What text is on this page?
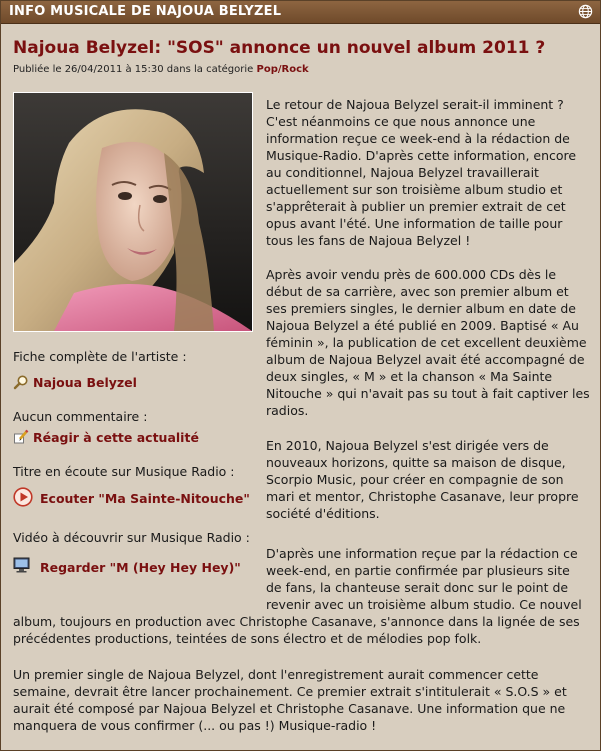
INFO MUSICALE DE NAJOUA BELYZEL
Najoua Belyzel: "SOS" annonce un nouvel album 2011 ?
Publiée le 26/04/2011 à 15:30 dans la catégorie Pop/Rock
Fiche complète de l'artiste :
Najoua Belyzel
Aucun commentaire :
Réagir à cette actualité
Titre en écoute sur Musique Radio :
Ecouter "Ma Sainte-Nitouche"
Vidéo à découvrir sur Musique Radio :
Regarder "M (Hey Hey Hey)"

Le retour de Najoua Belyzel serait-il imminent ?
C'est néanmoins ce que nous annonce une
information reçue ce week-end à la rédaction de
Musique-Radio. D'après cette information, encore
au conditionnel, Najoua Belyzel travaillerait
actuellement sur son troisième album studio et
s'apprêterait à publier un premier extrait de cet
opus avant l'été. Une information de taille pour
tous les fans de Najoua Belyzel !

Après avoir vendu près de 600.000 CDs dès le
début de sa carrière, avec son premier album et
ses premiers singles, le dernier album en date de
Najoua Belyzel a été publié en 2009. Baptisé « Au
féminin », la publication de cet excellent deuxième
album de Najoua Belyzel avait été accompagné de
deux singles, « M » et la chanson « Ma Sainte
Nitouche » qui n'avait pas su tout à fait captiver les
radios.

En 2010, Najoua Belyzel s'est dirigée vers de
nouveaux horizons, quitte sa maison de disque,
Scorpio Music, pour créer en compagnie de son
mari et mentor, Christophe Casanave, leur propre
société d'éditions.

D'après une information reçue par la rédaction ce
week-end, en partie confirmée par plusieurs site
de fans, la chanteuse serait donc sur le point de
revenir avec un troisième album studio. Ce nouvel

album, toujours en production avec Christophe Casanave, s'annonce dans la lignée de ses
précédentes productions, teintées de sons électro et de mélodies pop folk.

Un premier single de Najoua Belyzel, dont l'enregistrement aurait commencer cette
semaine, devrait être lancer prochainement. Ce premier extrait s'intitulerait « S.O.S » et
aurait été composé par Najoua Belyzel et Christophe Casanave. Une information que ne
manquera de vous confirmer (... ou pas !) Musique-radio !
